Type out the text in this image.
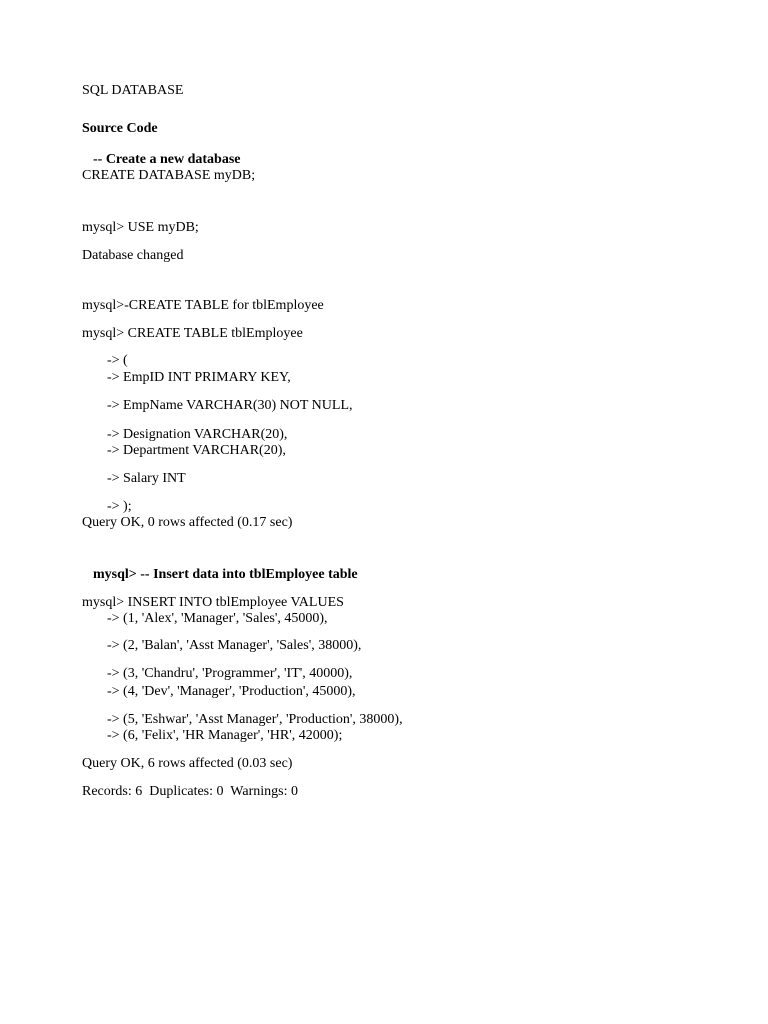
SQL DATABASE

Source Code

-- Create a new database

CREATE DATABASE myDB;

mysql> USE myDB;

Database changed

mysql>-CREATE TABLE for tblEmployee

mysql> CREATE TABLE tblEmployee

-> (

-> EmpID INT PRIMARY KEY,

-> EmpName VARCHAR(30) NOT NULL,

-> Designation VARCHAR(20),

-> Department VARCHAR(20),

-> Salary INT

-> );

Query OK, 0 rows affected (0.17 sec)

mysql> -- Insert data into tblEmployee table

mysql> INSERT INTO tblEmployee VALUES

-> (1, 'Alex', 'Manager', 'Sales', 45000),

-> (2, 'Balan', 'Asst Manager', 'Sales', 38000),

-> (3, 'Chandru', 'Programmer', 'IT', 40000),

-> (4, 'Dev', 'Manager', 'Production', 45000),

-> (5, 'Eshwar', 'Asst Manager', 'Production', 38000),

-> (6, 'Felix', 'HR Manager', 'HR', 42000);

Query OK, 6 rows affected (0.03 sec)

Records: 6  Duplicates: 0  Warnings: 0
